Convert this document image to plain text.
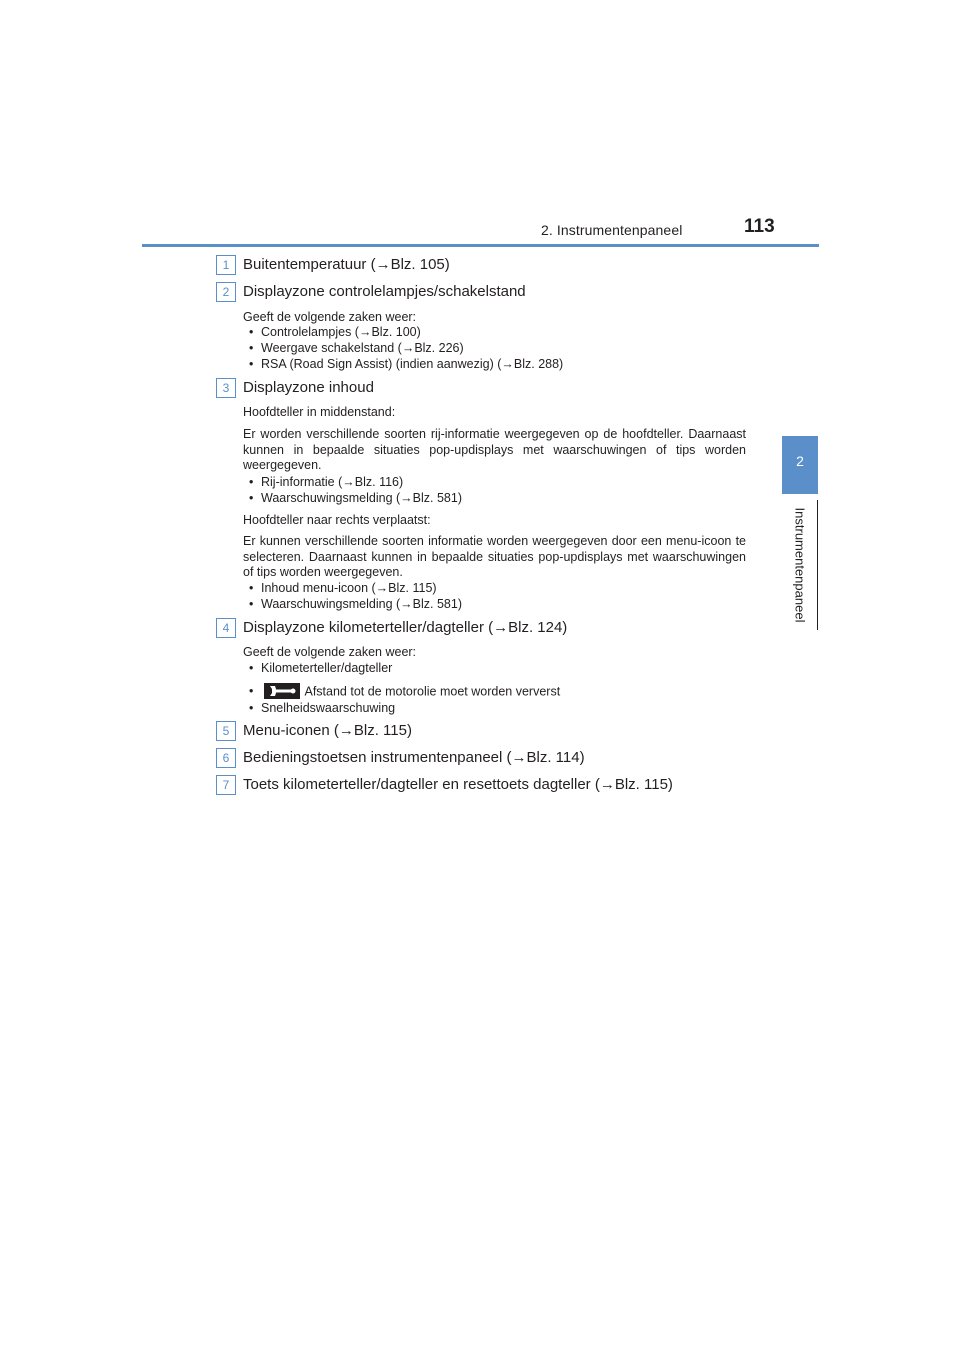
2. Instrumentenpaneel	113
2
Instrumentenpaneel
1 Buitentemperatuur (→Blz. 105)
2 Displayzone controlelampjes/schakelstand
Geeft de volgende zaken weer:
• Controlelampjes (→Blz. 100)
• Weergave schakelstand (→Blz. 226)
• RSA (Road Sign Assist) (indien aanwezig) (→Blz. 288)
3 Displayzone inhoud
Hoofdteller in middenstand:
Er worden verschillende soorten rij-informatie weergegeven op de hoofdteller. Daarnaast kunnen in bepaalde situaties pop-updisplays met waarschuwingen of tips worden weergegeven.
• Rij-informatie (→Blz. 116)
• Waarschuwingsmelding (→Blz. 581)
Hoofdteller naar rechts verplaatst:
Er kunnen verschillende soorten informatie worden weergegeven door een menu-icoon te selecteren. Daarnaast kunnen in bepaalde situaties pop-updisplays met waarschuwingen of tips worden weergegeven.
• Inhoud menu-icoon (→Blz. 115)
• Waarschuwingsmelding (→Blz. 581)
4 Displayzone kilometerteller/dagteller (→Blz. 124)
Geeft de volgende zaken weer:
• Kilometerteller/dagteller

• Afstand tot de motorolie moet worden ververst
• Snelheidswaarschuwing
5 Menu-iconen (→Blz. 115)
6 Bedieningstoetsen instrumentenpaneel (→Blz. 114)
7 Toets kilometerteller/dagteller en resettoets dagteller (→Blz. 115)
